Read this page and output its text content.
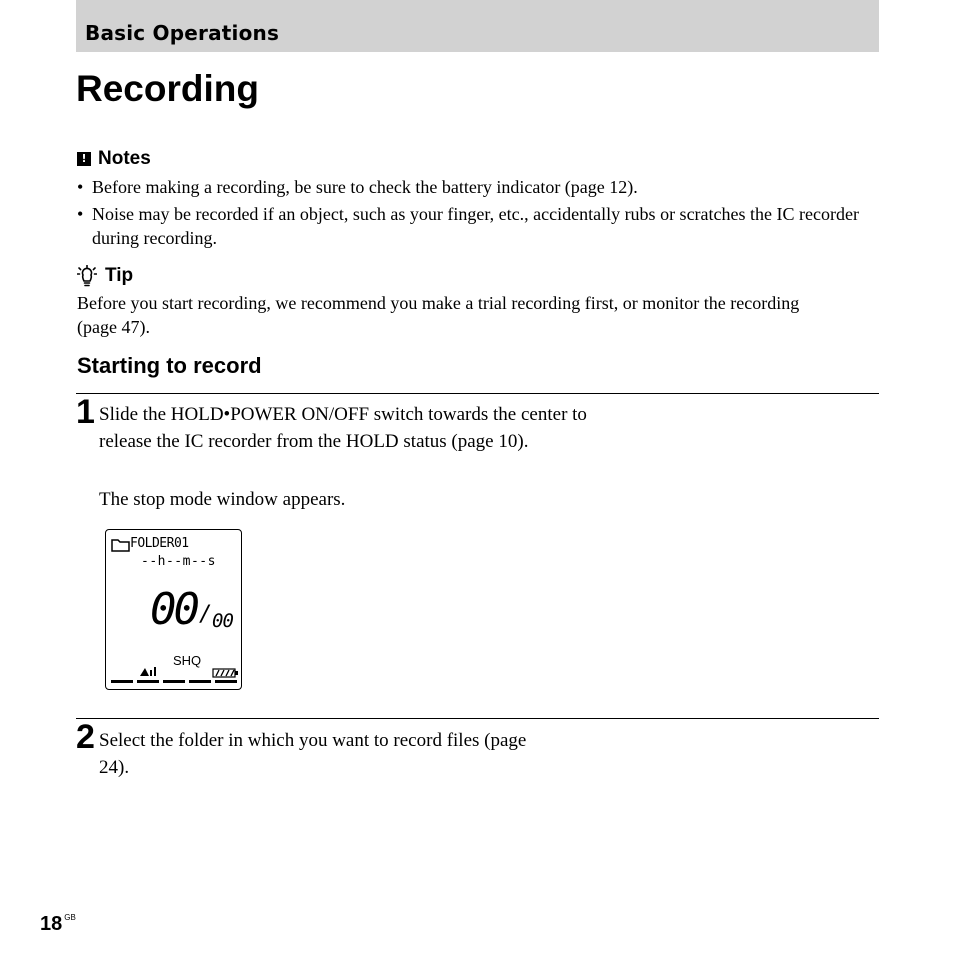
Basic Operations
Recording
! Notes
• Before making a recording, be sure to check the battery indicator (page 12).
• Noise may be recorded if an object, such as your finger, etc., accidentally rubs or scratches the IC recorder during recording.
Tip
Before you start recording, we recommend you make a trial recording first, or monitor the recording (page 47).
Starting to record
1 Slide the HOLD•POWER ON/OFF switch towards the center to release the IC recorder from the HOLD status (page 10).
The stop mode window appears.
FOLDER01
--h--m--s
00 / 00
SHQ
2 Select the folder in which you want to record files (page 24).
18 $^{GB}$
